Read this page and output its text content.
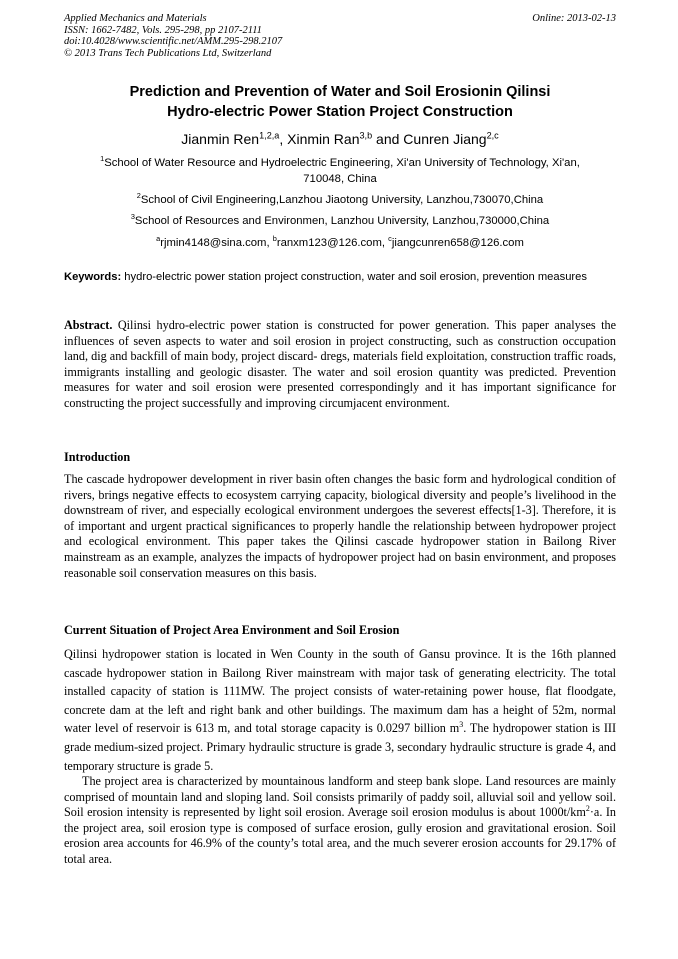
Applied Mechanics and Materials
ISSN: 1662-7482, Vols. 295-298, pp 2107-2111
doi:10.4028/www.scientific.net/AMM.295-298.2107
© 2013 Trans Tech Publications Ltd, Switzerland
Online: 2013-02-13
Prediction and Prevention of Water and Soil Erosionin Qilinsi
Hydro-electric Power Station Project Construction
Jianmin Ren$^{1,2,a}$, Xinmin Ran$^{3,b}$ and Cunren Jiang$^{2,c}$
$^1$School of Water Resource and Hydroelectric Engineering, Xi'an University of Technology, Xi'an,
710048, China
$^2$School of Civil Engineering,Lanzhou Jiaotong University, Lanzhou,730070,China
$^3$School of Resources and Environmen, Lanzhou University, Lanzhou,730000,China
$^a$rjmin4148@sina.com, $^b$ranxm123@126.com, $^c$jiangcunren658@126.com
Keywords: hydro-electric power station project construction, water and soil erosion, prevention measures
Abstract. Qilinsi hydro-electric power station is constructed for power generation. This paper analyses the influences of seven aspects to water and soil erosion in project constructing, such as construction occupation land, dig and backfill of main body, project discard- dregs, materials field exploitation, construction traffic roads, immigrants installing and geologic disaster. The water and soil erosion quantity was predicted. Prevention measures for water and soil erosion were presented correspondingly and it has important significance for constructing the project successfully and improving circumjacent environment.
Introduction

The cascade hydropower development in river basin often changes the basic form and hydrological condition of rivers, brings negative effects to ecosystem carrying capacity, biological diversity and people’s livelihood in the downstream of river, and especially ecological environment undergoes the severest effects[1-3]. Therefore, it is of important and urgent practical significances to properly handle the relationship between hydropower project and ecological environment. This paper takes the Qilinsi cascade hydropower station in Bailong River mainstream as an example, analyzes the impacts of hydropower project had on basin environment, and proposes reasonable soil conservation measures on this basis.

Current Situation of Project Area Environment and Soil Erosion

Qilinsi hydropower station is located in Wen County in the south of Gansu province. It is the 16th planned cascade hydropower station in Bailong River mainstream with major task of generating electricity. The total installed capacity of station is 111MW. The project consists of water-retaining power house, flat floodgate, concrete dam at the left and right bank and other buildings. The maximum dam has a height of 52m, normal water level of reservoir is 613 m, and total storage capacity is 0.0297 billion $m^3$. The hydropower station is III grade medium-sized project. Primary hydraulic structure is grade 3, secondary hydraulic structure is grade 4, and temporary structure is grade 5.

The project area is characterized by mountainous landform and steep bank slope. Land resources are mainly comprised of mountain land and sloping land. Soil consists primarily of paddy soil, alluvial soil and yellow soil. Soil erosion intensity is represented by light soil erosion. Average soil erosion modulus is about $1000t/km^2\cdot a$. In the project area, soil erosion type is composed of surface erosion, gully erosion and gravitational erosion. Soil erosion area accounts for 46.9% of the county’s total area, and the much severer erosion accounts for 29.17% of total area.
